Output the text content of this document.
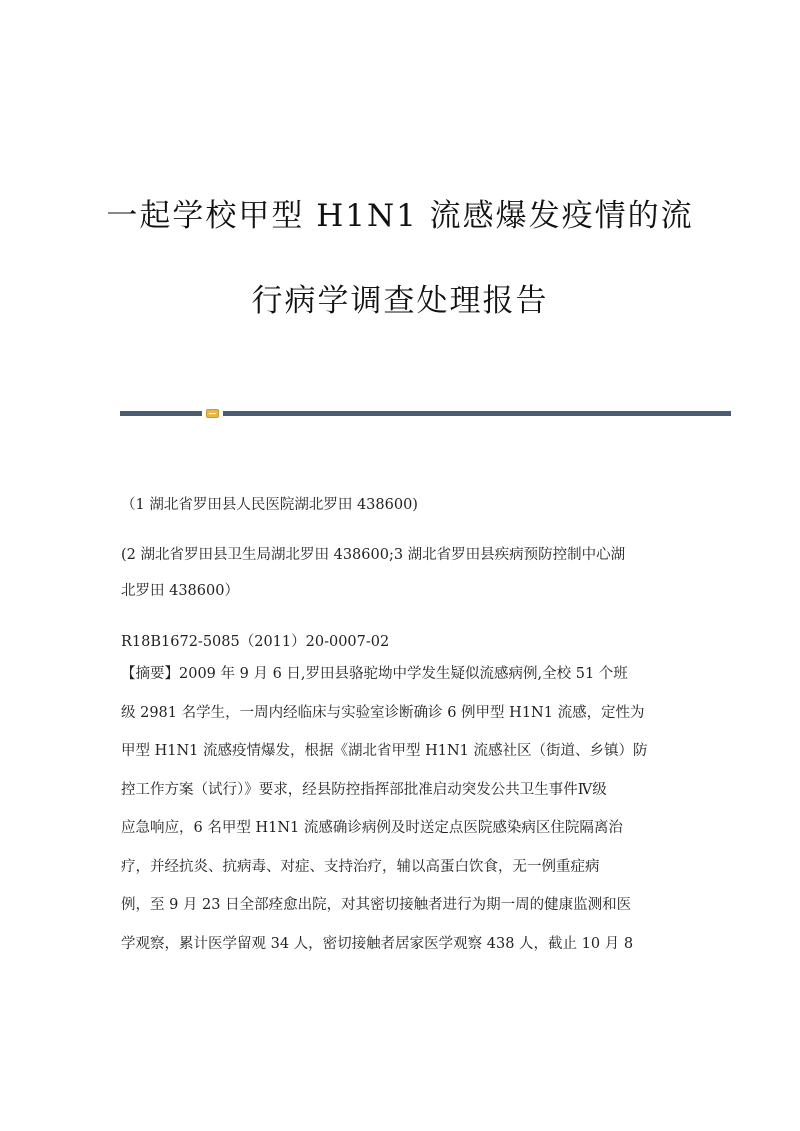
一起学校甲型 H1N1 流感爆发疫情的流
行病学调查处理报告
（1 湖北省罗田县人民医院湖北罗田 438600)
(2 湖北省罗田县卫生局湖北罗田 438600;3 湖北省罗田县疾病预防控制中心湖
北罗田 438600）
R18B1672-5085（2011）20-0007-02
【摘要】2009 年 9 月 6 日,罗田县骆驼坳中学发生疑似流感病例,全校 51 个班
级 2981 名学生，一周内经临床与实验室诊断确诊 6 例甲型 H1N1 流感，定性为
甲型 H1N1 流感疫情爆发，根据《湖北省甲型 H1N1 流感社区（街道、乡镇）防
控工作方案（试行）》要求，经县防控指挥部批准启动突发公共卫生事件Ⅳ级
应急响应，6 名甲型 H1N1 流感确诊病例及时送定点医院感染病区住院隔离治
疗，并经抗炎、抗病毒、对症、支持治疗，辅以高蛋白饮食，无一例重症病
例，至 9 月 23 日全部痊愈出院，对其密切接触者进行为期一周的健康监测和医
学观察，累计医学留观 34 人，密切接触者居家医学观察 438 人，截止 10 月 8
